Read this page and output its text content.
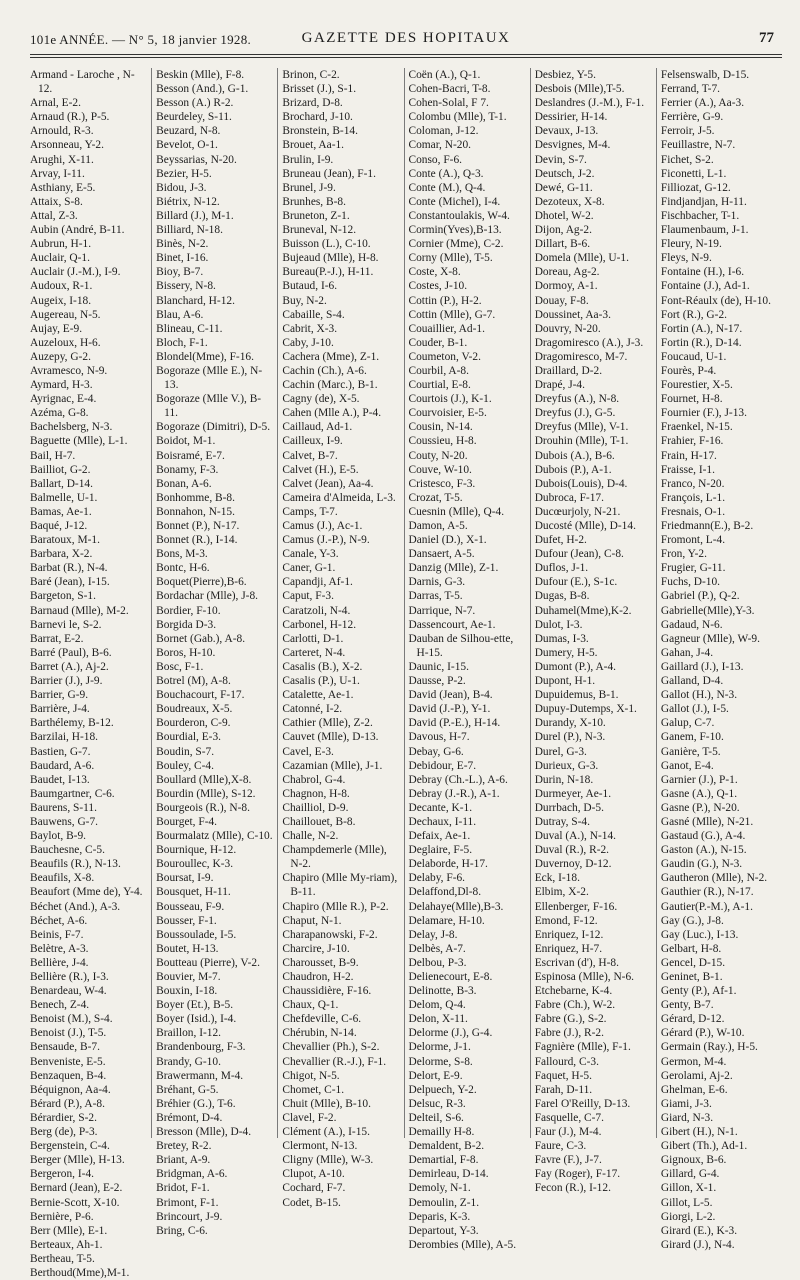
101e ANNÉE. — N° 5, 18 janvier 1928.	GAZETTE DES HOPITAUX	77
Armand - Laroche , N-12.
Arnal, E-2.
Arnaud (R.), P-5.
Arnould, R-3.
Arsonneau, Y-2.
Arughi, X-11.
Arvay, I-11.
Asthiany, E-5.
Attaix, S-8.
Attal, Z-3.
Aubin (André, B-11.
Aubrun, H-1.
Auclair, Q-1.
Auclair (J.-M.), I-9.
Audoux, R-1.
Augeix, I-18.
Augereau, N-5.
Aujay, E-9.
Auzeloux, H-6.
Auzepy, G-2.
Avramesco, N-9.
Aymard, H-3.
Ayrignac, E-4.
Azéma, G-8.
Bachelsberg, N-3.
Baguette (Mlle), L-1.
Bail, H-7.
Bailliot, G-2.
Ballart, D-14.
Balmelle, U-1.
Bamas, Ae-1.
Baqué, J-12.
Baratoux, M-1.
Barbara, X-2.
Barbat (R.), N-4.
Baré (Jean), I-15.
Bargeton, S-1.
Barnaud (Mlle), M-2.
Barnevi le, S-2.
Barrat, E-2.
Barré (Paul), B-6.
Barret (A.), Aj-2.
Barrier (J.), J-9.
Barrier, G-9.
Barrière, J-4.
Barthélemy, B-12.
Barzilai, H-18.
Bastien, G-7.
Baudard, A-6.
Baudet, I-13.
Baumgartner, C-6.
Baurens, S-11.
Bauwens, G-7.
Baylot, B-9.
Bauchesne, C-5.
Beaufils (R.), N-13.
Beaufils, X-8.
Beaufort (Mme de), Y-4.
Béchet (And.), A-3.
Béchet, A-6.
Beinis, F-7.
Belètre, A-3.
Bellière, J-4.
Bellière (R.), I-3.
Benardeau, W-4.
Benech, Z-4.
Benoist (M.), S-4.
Benoist (J.), T-5.
Bensaude, B-7.
Benveniste, E-5.
Benzaquen, B-4.
Béquignon, Aa-4.
Bérard (P.), A-8.
Bérardier, S-2.
Berg (de), P-3.
Bergenstein, C-4.
Berger (Mlle), H-13.
Bergeron, I-4.
Bernard (Jean), E-2.
Bernie-Scott, X-10.
Bernière, P-6.
Berr (Mlle), E-1.
Berteaux, Ah-1.
Bertheau, T-5.
Berthoud(Mme),M-1.
Beskin (Mlle), F-8.
Besson (And.), G-1.
Besson (A.) R-2.
Beurdeley, S-11.
Beuzard, N-8.
Bevelot, O-1.
Beyssarias, N-20.
Bezier, H-5.
Bidou, J-3.
Biétrix, N-12.
Billard (J.), M-1.
Billiard, N-18.
Binès, N-2.
Binet, I-16.
Bioy, B-7.
Bissery, N-8.
Blanchard, H-12.
Blau, A-6.
Blineau, C-11.
Bloch, F-1.
Blondel(Mme), F-16.
Bogoraze (Mlle E.), N-13.
Bogoraze (Mlle V.), B-11.
Bogoraze (Dimitri), D-5.
Boidot, M-1.
Boisramé, E-7.
Bonamy, F-3.
Bonan, A-6.
Bonhomme, B-8.
Bonnahon, N-15.
Bonnet (P.), N-17.
Bonnet (R.), I-14.
Bons, M-3.
Bontc, H-6.
Boquet(Pierre),B-6.
Bordachar (Mlle), J-8.
Bordier, F-10.
Borgida D-3.
Bornet (Gab.), A-8.
Boros, H-10.
Bosc, F-1.
Botrel (M), A-8.
Bouchacourt, F-17.
Boudreaux, X-5.
Bourderon, C-9.
Bourdial, E-3.
Boudin, S-7.
Bouley, C-4.
Boullard (Mlle),X-8.
Bourdin (Mlle), S-12.
Bourgeois (R.), N-8.
Bourget, F-4.
Bourmalatz (Mlle), C-10.
Bournique, H-12.
Bouroullec, K-3.
Boursat, I-9.
Bousquet, H-11.
Bousseau, F-9.
Bousser, F-1.
Boussoulade, I-5.
Boutet, H-13.
Boutteau (Pierre), V-2.
Bouvier, M-7.
Bouxin, I-18.
Boyer (Et.), B-5.
Boyer (Isid.), I-4.
Braillon, I-12.
Brandenbourg, F-3.
Brandy, G-10.
Brawermann, M-4.
Bréhant, G-5.
Bréhier (G.), T-6.
Brémont, D-4.
Bresson (Mlle), D-4.
Bretey, R-2.
Briant, A-9.
Bridgman, A-6.
Bridot, F-1.
Brimont, F-1.
Brincourt, J-9.
Bring, C-6.
Brinon, C-2.
Brisset (J.), S-1.
Brizard, D-8.
Brochard, J-10.
Bronstein, B-14.
Brouet, Aa-1.
Brulin, I-9.
Bruneau (Jean), F-1.
Brunel, J-9.
Brunhes, B-8.
Bruneton, Z-1.
Bruneval, N-12.
Buisson (L.), C-10.
Bujeaud (Mlle), H-8.
Bureau(P.-J.), H-11.
Butaud, I-6.
Buy, N-2.
Cabaille, S-4.
Cabrit, X-3.
Caby, J-10.
Cachera (Mme), Z-1.
Cachin (Ch.), A-6.
Cachin (Marc.), B-1.
Cagny (de), X-5.
Cahen (Mlle A.), P-4.
Caillaud, Ad-1.
Cailleux, I-9.
Calvet, B-7.
Calvet (H.), E-5.
Calvet (Jean), Aa-4.
Cameira d'Almeida, L-3.
Camps, T-7.
Camus (J.), Ac-1.
Camus (J.-P.), N-9.
Canale, Y-3.
Caner, G-1.
Capandji, Af-1.
Caput, F-3.
Caratzoli, N-4.
Carbonel, H-12.
Carlotti, D-1.
Carteret, N-4.
Casalis (B.), X-2.
Casalis (P.), U-1.
Catalette, Ae-1.
Catonné, I-2.
Cathier (Mlle), Z-2.
Cauvet (Mlle), D-13.
Cavel, E-3.
Cazamian (Mlle), J-1.
Chabrol, G-4.
Chagnon, H-8.
Chailliol, D-9.
Chaillouet, B-8.
Challe, N-2.
Champdemerle (Mlle), N-2.
Chapiro (Mlle My-riam), B-11.
Chapiro (Mlle R.), P-2.
Chaput, N-1.
Charapanowski, F-2.
Charcire, J-10.
Charousset, B-9.
Chaudron, H-2.
Chaussidière, F-16.
Chaux, Q-1.
Chefdeville, C-6.
Chérubin, N-14.
Chevallier (Ph.), S-2.
Chevallier (R.-J.), F-1.
Chigot, N-5.
Chomet, C-1.
Chuit (Mlle), B-10.
Clavel, F-2.
Clément (A.), I-15.
Clermont, N-13.
Cligny (Mlle), W-3.
Clupot, A-10.
Cochard, F-7.
Codet, B-15.
Coën (A.), Q-1.
Cohen-Bacri, T-8.
Cohen-Solal, F 7.
Colombu (Mlle), T-1.
Coloman, J-12.
Comar, N-20.
Conso, F-6.
Conte (A.), Q-3.
Conte (M.), Q-4.
Conte (Michel), I-4.
Constantoulakis, W-4.
Cormin(Yves),B-13.
Cornier (Mme), C-2.
Corny (Mlle), T-5.
Coste, X-8.
Costes, J-10.
Cottin (P.), H-2.
Cottin (Mlle), G-7.
Couaillier, Ad-1.
Couder, B-1.
Coumeton, V-2.
Courbil, A-8.
Courtial, E-8.
Courtois (J.), K-1.
Courvoisier, E-5.
Cousin, N-14.
Coussieu, H-8.
Couty, N-20.
Couve, W-10.
Cristesco, F-3.
Crozat, T-5.
Cuesnin (Mlle), Q-4.
Damon, A-5.
Daniel (D.), X-1.
Dansaert, A-5.
Danzig (Mlle), Z-1.
Darnis, G-3.
Darras, T-5.
Darrique, N-7.
Dassencourt, Ae-1.
Dauban de Silhou-ette, H-15.
Daunic, I-15.
Dausse, P-2.
David (Jean), B-4.
David (J.-P.), Y-1.
David (P.-E.), H-14.
Davous, H-7.
Debay, G-6.
Debidour, E-7.
Debray (Ch.-L.), A-6.
Debray (J.-R.), A-1.
Decante, K-1.
Dechaux, I-11.
Defaix, Ae-1.
Deglaire, F-5.
Delaborde, H-17.
Delaby, F-6.
Delaffond,Dl-8.
Delahaye(Mlle),B-3.
Delamare, H-10.
Delay, J-8.
Delbès, A-7.
Delbou, P-3.
Delienecourt, E-8.
Delinotte, B-3.
Delom, Q-4.
Delon, X-11.
Delorme (J.), G-4.
Delorme, J-1.
Delorme, S-8.
Delort, E-9.
Delpuech, Y-2.
Delsuc, R-3.
Delteil, S-6.
Demailly H-8.
Demaldent, B-2.
Demartial, F-8.
Demirleau, D-14.
Demoly, N-1.
Demoulin, Z-1.
Deparis, K-3.
Departout, Y-3.
Derombies (Mlle), A-5.
Desbiez, Y-5.
Desbois (Mlle),T-5.
Deslandres (J.-M.), F-1.
Dessirier, H-14.
Devaux, J-13.
Desvignes, M-4.
Devin, S-7.
Deutsch, J-2.
Dewé, G-11.
Dezoteux, X-8.
Dhotel, W-2.
Dijon, Ag-2.
Dillart, B-6.
Domela (Mlle), U-1.
Doreau, Ag-2.
Dormoy, A-1.
Douay, F-8.
Doussinet, Aa-3.
Douvry, N-20.
Dragomiresco (A.), J-3.
Dragomiresco, M-7.
Draillard, D-2.
Drapé, J-4.
Dreyfus (A.), N-8.
Dreyfus (J.), G-5.
Dreyfus (Mlle), V-1.
Drouhin (Mlle), T-1.
Dubois (A.), B-6.
Dubois (P.), A-1.
Dubois(Louis), D-4.
Dubroca, F-17.
Ducœurjoly, N-21.
Ducosté (Mlle), D-14.
Dufet, H-2.
Dufour (Jean), C-8.
Duflos, J-1.
Dufour (E.), S-1c.
Dugas, B-8.
Duhamel(Mme),K-2.
Dulot, I-3.
Dumas, I-3.
Dumery, H-5.
Dumont (P.), A-4.
Dupont, H-1.
Dupuidemus, B-1.
Dupuy-Dutemps, X-1.
Durandy, X-10.
Durel (P.), N-3.
Durel, G-3.
Durieux, G-3.
Durin, N-18.
Durmeyer, Ae-1.
Durrbach, D-5.
Dutray, S-4.
Duval (A.), N-14.
Duval (R.), R-2.
Duvernoy, D-12.
Eck, I-18.
Elbim, X-2.
Ellenberger, F-16.
Emond, F-12.
Enriquez, I-12.
Enriquez, H-7.
Escrivan (d'), H-8.
Espinosa (Mlle), N-6.
Etchebarne, K-4.
Fabre (Ch.), W-2.
Fabre (G.), S-2.
Fabre (J.), R-2.
Fagnière (Mlle), F-1.
Fallourd, C-3.
Faquet, H-5.
Farah, D-11.
Farel O'Reilly, D-13.
Fasquelle, C-7.
Faur (J.), M-4.
Faure, C-3.
Favre (F.), J-7.
Fay (Roger), F-17.
Fecon (R.), I-12.
Felsenswalb, D-15.
Ferrand, T-7.
Ferrier (A.), Aa-3.
Ferrière, G-9.
Ferroir, J-5.
Feuillastre, N-7.
Fichet, S-2.
Ficonetti, L-1.
Filliozat, G-12.
Findjandjan, H-11.
Fischbacher, T-1.
Flaumenbaum, J-1.
Fleury, N-19.
Fleys, N-9.
Fontaine (H.), I-6.
Fontaine (J.), Ad-1.
Font-Réaulx (de), H-10.
Fort (R.), G-2.
Fortin (A.), N-17.
Fortin (R.), D-14.
Foucaud, U-1.
Fourès, P-4.
Fourestier, X-5.
Fournet, H-8.
Fournier (F.), J-13.
Fraenkel, N-15.
Frahier, F-16.
Frain, H-17.
Fraisse, I-1.
Franco, N-20.
François, L-1.
Fresnais, O-1.
Friedmann(E.), B-2.
Fromont, L-4.
Fron, Y-2.
Frugier, G-11.
Fuchs, D-10.
Gabriel (P.), Q-2.
Gabrielle(Mlle),Y-3.
Gadaud, N-6.
Gagneur (Mlle), W-9.
Gahan, J-4.
Gaillard (J.), I-13.
Galland, D-4.
Gallot (H.), N-3.
Gallot (J.), I-5.
Galup, C-7.
Ganem, F-10.
Ganière, T-5.
Ganot, E-4.
Garnier (J.), P-1.
Gasne (A.), Q-1.
Gasne (P.), N-20.
Gasné (Mlle), N-21.
Gastaud (G.), A-4.
Gaston (A.), N-15.
Gaudin (G.), N-3.
Gautheron (Mlle), N-2.
Gauthier (R.), N-17.
Gautier(P.-M.), A-1.
Gay (G.), J-8.
Gay (Luc.), I-13.
Gelbart, H-8.
Gencel, D-15.
Geninet, B-1.
Genty (P.), Af-1.
Genty, B-7.
Gérard, D-12.
Gérard (P.), W-10.
Germain (Ray.), H-5.
Germon, M-4.
Gerolami, Aj-2.
Ghelman, E-6.
Giami, J-3.
Giard, N-3.
Gibert (H.), N-1.
Gibert (Th.), Ad-1.
Gignoux, B-6.
Gillard, G-4.
Gillon, X-1.
Gillot, L-5.
Giorgi, L-2.
Girard (E.), K-3.
Girard (J.), N-4.
